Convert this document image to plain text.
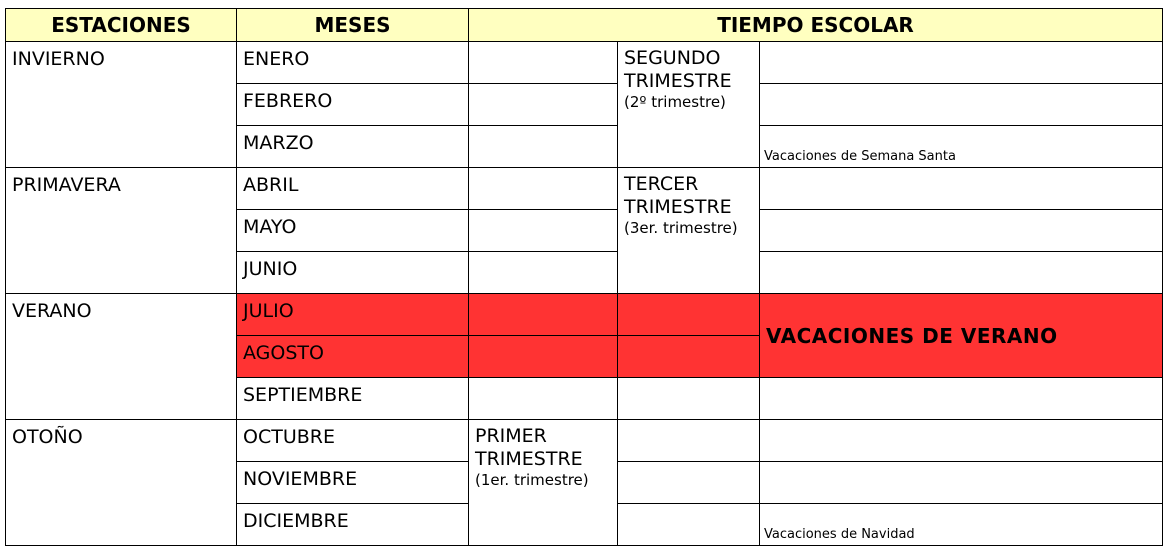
ESTACIONES	MESES	TIEMPO ESCOLAR		
INVIERNO	ENERO		SEGUNDO
TRIMESTRE
(2º trimestre)	

	FEBRERO			
	MARZO			Vacaciones de Semana Santa
PRIMAVERA	ABRIL		TERCER
TRIMESTRE
(3er. trimestre)	

	MAYO			
	JUNIO			
VERANO	JULIO			VACACIONES DE VERANO
	AGOSTO			
	SEPTIEMBRE			
OTOÑO	OCTUBRE	PRIMER
TRIMESTRE
(1er. trimestre)		

	NOVIEMBRE			
	DICIEMBRE			Vacaciones de Navidad
